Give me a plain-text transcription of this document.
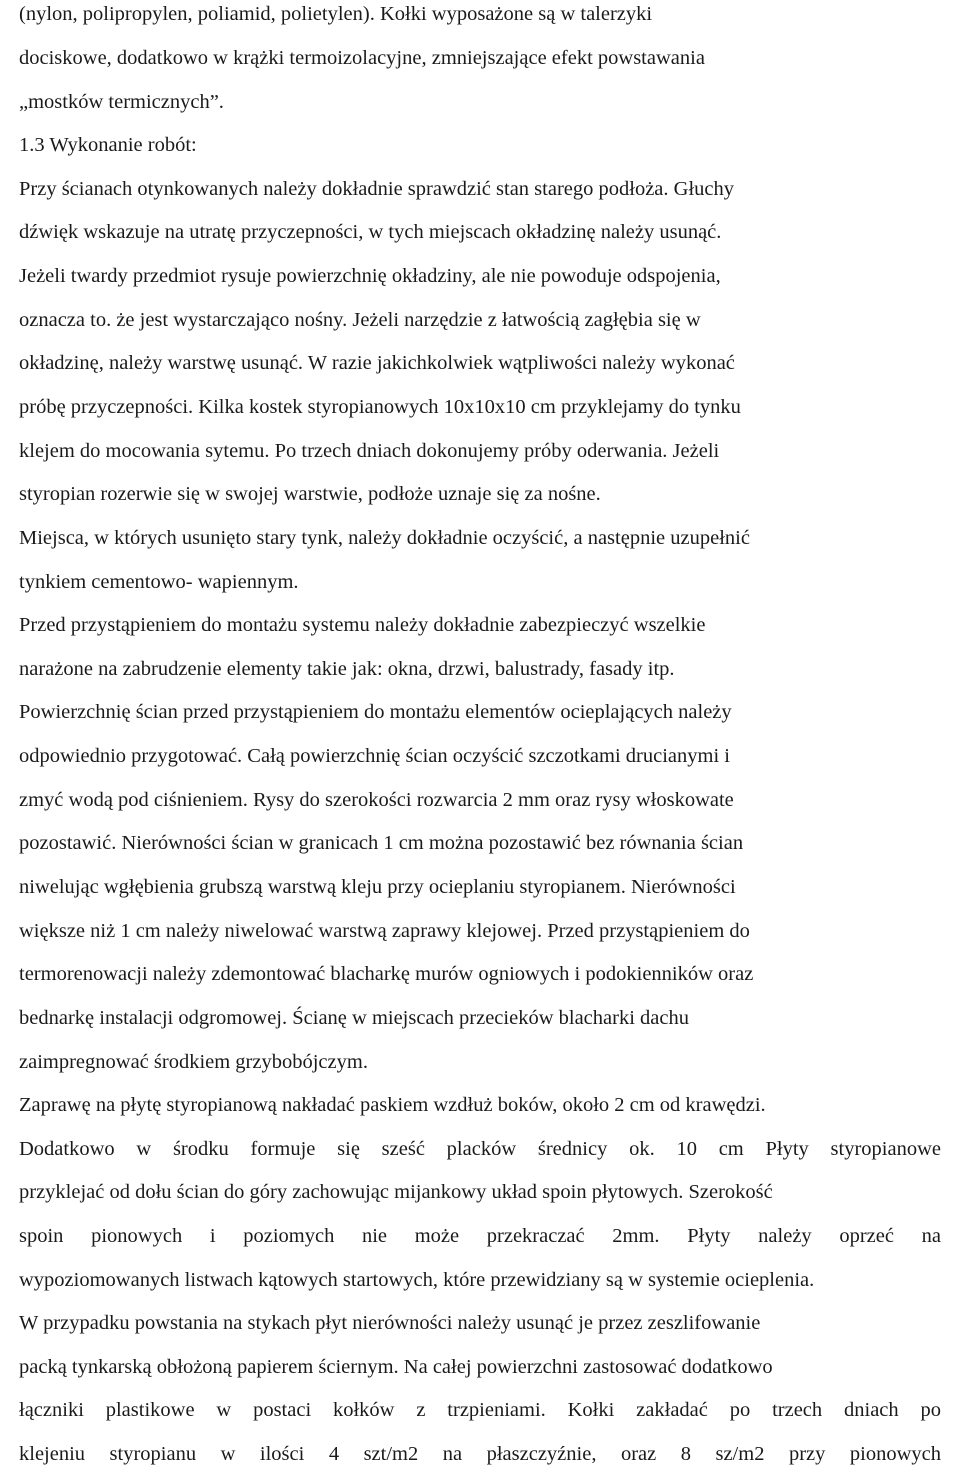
(nylon, polipropylen, poliamid, polietylen). Kołki wyposażone są w talerzyki
dociskowe, dodatkowo w krążki termoizolacyjne, zmniejszające efekt powstawania
„mostków termicznych”.
1.3 Wykonanie robót:
Przy ścianach otynkowanych należy dokładnie sprawdzić stan starego podłoża. Głuchy
dźwięk wskazuje na utratę przyczepności, w tych miejscach okładzinę należy usunąć.
Jeżeli twardy przedmiot rysuje powierzchnię okładziny, ale nie powoduje odspojenia,
oznacza to. że jest wystarczająco nośny. Jeżeli narzędzie z łatwością zagłębia się w
okładzinę, należy warstwę usunąć. W razie jakichkolwiek wątpliwości należy wykonać
próbę przyczepności. Kilka kostek styropianowych 10x10x10 cm przyklejamy do tynku
klejem do mocowania sytemu. Po trzech dniach dokonujemy próby oderwania. Jeżeli
styropian rozerwie się w swojej warstwie, podłoże uznaje się za nośne.
Miejsca, w których usunięto stary tynk, należy dokładnie oczyścić, a następnie uzupełnić
tynkiem cementowo- wapiennym.
Przed przystąpieniem do montażu systemu należy dokładnie zabezpieczyć wszelkie
narażone na zabrudzenie elementy takie jak: okna, drzwi, balustrady, fasady itp.
Powierzchnię ścian przed przystąpieniem do montażu elementów ocieplających należy
odpowiednio przygotować. Całą powierzchnię ścian oczyścić szczotkami drucianymi i
zmyć wodą pod ciśnieniem. Rysy do szerokości rozwarcia 2 mm oraz rysy włoskowate
pozostawić. Nierówności ścian w granicach 1 cm można pozostawić bez równania ścian
niwelując wgłębienia grubszą warstwą kleju przy ocieplaniu styropianem. Nierówności
większe niż 1 cm należy niwelować warstwą zaprawy klejowej. Przed przystąpieniem do
termorenowacji należy zdemontować blacharkę murów ogniowych i podokienników oraz
bednarkę instalacji odgromowej. Ścianę w miejscach przecieków blacharki dachu
zaimpregnować środkiem grzybobójczym.
Zaprawę na płytę styropianową nakładać paskiem wzdłuż boków, około 2 cm od krawędzi.
Dodatkowo w środku formuje się sześć placków średnicy ok. 10 cm Płyty styropianowe
przyklejać od dołu ścian do góry zachowując mijankowy układ spoin płytowych. Szerokość
spoin pionowych i poziomych nie może przekraczać 2mm. Płyty należy oprzeć na
wypoziomowanych listwach kątowych startowych, które przewidziany są w systemie ocieplenia.
W przypadku powstania na stykach płyt nierówności należy usunąć je przez zeszlifowanie
packą tynkarską obłożoną papierem ściernym. Na całej powierzchni zastosować dodatkowo
łączniki plastikowe w postaci kołków z trzpieniami. Kołki zakładać po trzech dniach po
klejeniu styropianu w ilości 4 szt/m2 na płaszczyźnie, oraz 8 sz/m2 przy pionowych
